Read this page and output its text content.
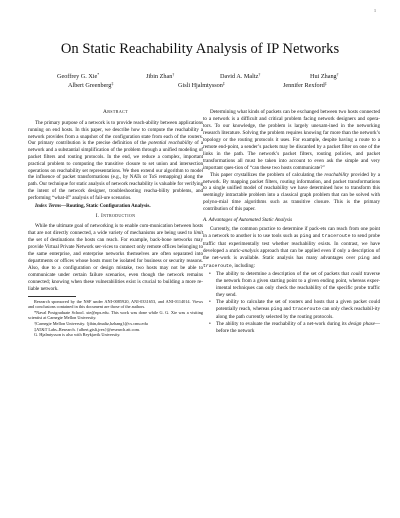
1
On Static Reachability Analysis of IP Networks
Geoffrey G. Xie*	Jibin Zhan†	David A. Maltz†	Hui Zhang†
Albert Greenberg‡	Gisli Hjalmtysson‡	Jennifer Rexford‡

Abstract

The primary purpose of a network is to provide reach-ability between applications running on end hosts. In this paper, we describe how to compute the reachability a network provides from a snapshot of the configuration state from each of the routers. Our primary contribution is the precise definition of the potential reachability of a network and a substantial simplification of the problem through a unified modeling of packet filters and routing protocols. In the end, we reduce a complex, important practical problem to computing the transitive closure to set union and intersection operations on reachability set representations. We then extend our algorithm to model the influence of packet transformations (e.g., by NATs or ToS remapping) along the path. Our technique for static analysis of network reachability is valuable for verifying the intent of the network designer, troubleshooting reacha-bility problems, and performing “what-if” analysis of fail-ure scenarios.

Index Terms—Routing, Static Configuration Analysis.

I. Introduction

While the ultimate goal of networking is to enable com-munication between hosts that are not directly connected, a wide variety of mechanisms are being used to limit the set of destinations the hosts can reach. For example, back-bone networks may provide Virtual Private Network ser-vices to connect only remote offices belonging to the same enterprise, and enterprise networks themselves are often separated into departments or offices whose hosts must be isolated for business or security reasons. Also, due to a configuration or design mistake, two hosts may not be able to communicate under certain failure scenarios, even though the network remains connected; knowing when these vulnerabilities exist is crucial to building a more re-liable network.

Research sponsored by the NSF under ANI-0085920, ANI-0331653, and ANI-0114014. Views and conclusions contained in this document are those of the authors.

*Naval Postgraduate School. xie@nps.edu. This work was done while G. G. Xie was a visiting scientist at Carnegie Mellon University.

†Carnegie Mellon University. {jibin,dmaltz,hzhang}@cs.cmu.edu

‡AT&T Labs–Research. {albert,gisli,jrex}@research.att.com.

G. Hjalmtysson is also with Reykjavik University.

Determining what kinds of packets can be exchanged between two hosts connected to a network is a difficult and critical problem facing network designers and opera-tors. To our knowledge, the problem is largely unexam-ined in the networking research literature. Solving the problem requires knowing far more than the network’s topology or the routing protocols it uses. For example, despite having a route to a remote end-point, a sender’s packets may be discarded by a packet filter on one of the links in the path. The network’s packet filters, routing policies, and packet transformations all must be taken into account to even ask the simple and very important ques-tion of “can these two hosts communicate?”

This paper crystallizes the problem of calculating the reachability provided by a network. By mapping packet filters, routing information, and packet transformations to a single unified model of reachability we have determined how to transform this seemingly intractable problem into a classical graph problem that can be solved with polyno-mial time algorithms such as transitive closure. This is the primary contribution of this paper.

A. Advantages of Automated Static Analysis

Currently, the common practice to determine if pack-ets can reach from one point in a network to another is to use tools such as ping and traceroute to send probe traffic that experimentally test whether reachability exists. In contrast, we have developed a static-analysis approach that can be applied even if only a description of the net-work is available. Static analysis has many advantages over ping and traceroute, including:

• The ability to determine a description of the set of packets that could traverse the network from a given starting point to a given ending point, whereas exper-imental techniques can only check the reachability of the specific probe traffic they send.
• The ability to calculate the set of routers and hosts that a given packet could potentially reach, whereas ping and traceroute can only check reachabil-ity along the path currently selected by the routing protocols.
• The ability to evaluate the reachability of a net-work during its design phase—before the network
